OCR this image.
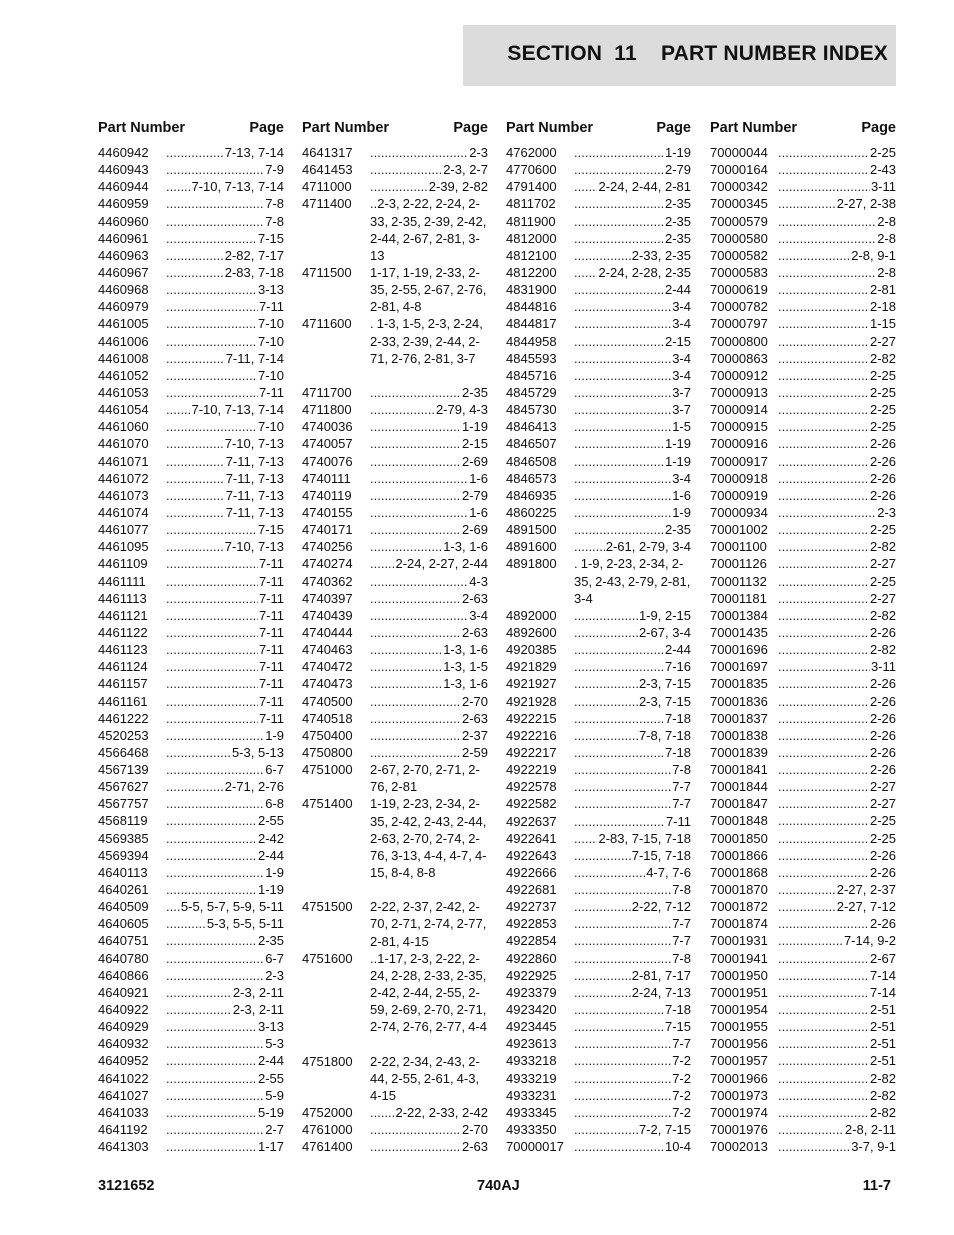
SECTION  11    PART NUMBER INDEX
Part Number	Page
4460942 .....	7-13, 7-14
4460943 .....	7-9
4460944 .....	7-10, 7-13, 7-14
4460959 .....	7-8
4460960 .....	7-8
4460961 .....	7-15
4460963 .....	2-82, 7-17
4460967 .....	2-83, 7-18
4460968 .....	3-13
4460979 .....	7-11
4461005 .....	7-10
4461006 .....	7-10
4461008 .....	7-11, 7-14
4461052 .....	7-10
4461053 .....	7-11
4461054 .....	7-10, 7-13, 7-14
4461060 .....	7-10
4461070 .....	7-10, 7-13
4461071 .....	7-11, 7-13
4461072 .....	7-11, 7-13
4461073 .....	7-11, 7-13
4461074 .....	7-11, 7-13
4461077 .....	7-15
4461095 .....	7-10, 7-13
4461109 .....	7-11
4461111 .....	7-11
4461113 .....	7-11
4461121 .....	7-11
4461122 .....	7-11
4461123 .....	7-11
4461124 .....	7-11
4461157 .....	7-11
4461161 .....	7-11
4461222 .....	7-11
4520253 .....	1-9
4566468 .....	5-3, 5-13
4567139 .....	6-7
4567627 .....	2-71, 2-76
4567757 .....	6-8
4568119 .....	2-55
4569385 .....	2-42
4569394 .....	2-44
4640113 .....	1-9
4640261 .....	1-19
4640509 .....	5-5, 5-7, 5-9, 5-11
4640605 .....	5-3, 5-5, 5-11
4640751 .....	2-35
4640780 .....	6-7
4640866 .....	2-3
4640921 .....	2-3, 2-11
4640922 .....	2-3, 2-11
4640929 .....	3-13
4640932 .....	5-3
4640952 .....	2-44
4641022 .....	2-55
4641027 .....	5-9
4641033 .....	5-19
4641192 .....	2-7
4641303 .....	1-17
Part Number	Page
4641317 .....	2-3
4641453 .....	2-3, 2-7
4711000 .....	2-39, 2-82
4711400	..2-3, 2-22, 2-24, 2-33, 2-35, 2-39, 2-42, 2-44, 2-67, 2-81, 3-13
4711500	1-17, 1-19, 2-33, 2-35, 2-55, 2-67, 2-76, 2-81, 4-8
4711600	. 1-3, 1-5, 2-3, 2-24, 2-33, 2-39, 2-44, 2-71, 2-76, 2-81, 3-7
4711700 .....	2-35
4711800 .....	2-79, 4-3
4740036 .....	1-19
4740057 .....	2-15
4740076 .....	2-69
4740111 .....	1-6
4740119 .....	2-79
4740155 .....	1-6
4740171 .....	2-69
4740256 .....	1-3, 1-6
4740274 .....	2-24, 2-27, 2-44
4740362 .....	4-3
4740397 .....	2-63
4740439 .....	3-4
4740444 .....	2-63
4740463 .....	1-3, 1-6
4740472 .....	1-3, 1-5
4740473 .....	1-3, 1-6
4740500 .....	2-70
4740518 .....	2-63
4750400 .....	2-37
4750800 .....	2-59
4751000	2-67, 2-70, 2-71, 2-76, 2-81
4751400	1-19, 2-23, 2-34, 2-35, 2-42, 2-43, 2-44, 2-63, 2-70, 2-74, 2-76, 3-13, 4-4, 4-7, 4-15, 8-4, 8-8
4751500	2-22, 2-37, 2-42, 2-70, 2-71, 2-74, 2-77, 2-81, 4-15
4751600	..1-17, 2-3, 2-22, 2-24, 2-28, 2-33, 2-35, 2-42, 2-44, 2-55, 2-59, 2-69, 2-70, 2-71, 2-74, 2-76, 2-77, 4-4
4751800	2-22, 2-34, 2-43, 2-44, 2-55, 2-61, 4-3, 4-15
4752000 .....	2-22, 2-33, 2-42
4761000 .....	2-70
4761400 .....	2-63
Part Number	Page
4762000 .....	1-19
4770600 .....	2-79
4791400 .....	2-24, 2-44, 2-81
4811702 .....	2-35
4811900 .....	2-35
4812000 .....	2-35
4812100 .....	2-33, 2-35
4812200 .....	2-24, 2-28, 2-35
4831900 .....	2-44
4844816 .....	3-4
4844817 .....	3-4
4844958 .....	2-15
4845593 .....	3-4
4845716 .....	3-4
4845729 .....	3-7
4845730 .....	3-7
4846413 .....	1-5
4846507 .....	1-19
4846508 .....	1-19
4846573 .....	3-4
4846935 .....	1-6
4860225 .....	1-9
4891500 .....	2-35
4891600 .....	2-61, 2-79, 3-4
4891800	. 1-9, 2-23, 2-34, 2-35, 2-43, 2-79, 2-81, 3-4
4892000 .....	1-9, 2-15
4892600 .....	2-67, 3-4
4920385 .....	2-44
4921829 .....	7-16
4921927 .....	2-3, 7-15
4921928 .....	2-3, 7-15
4922215 .....	7-18
4922216 .....	7-8, 7-18
4922217 .....	7-18
4922219 .....	7-8
4922578 .....	7-7
4922582 .....	7-7
4922637 .....	7-11
4922641 .....	2-83, 7-15, 7-18
4922643 .....	7-15, 7-18
4922666 .....	4-7, 7-6
4922681 .....	7-8
4922737 .....	2-22, 7-12
4922853 .....	7-7
4922854 .....	7-7
4922860 .....	7-8
4922925 .....	2-81, 7-17
4923379 .....	2-24, 7-13
4923420 .....	7-18
4923445 .....	7-15
4923613 .....	7-7
4933218 .....	7-2
4933219 .....	7-2
4933231 .....	7-2
4933345 .....	7-2
4933350 .....	7-2, 7-15
70000017 .....	10-4
Part Number	Page
70000044 .....	2-25
70000164 .....	2-43
70000342 .....	3-11
70000345 .....	2-27, 2-38
70000579 .....	2-8
70000580 .....	2-8
70000582 .....	2-8, 9-1
70000583 .....	2-8
70000619 .....	2-81
70000782 .....	2-18
70000797 .....	1-15
70000800 .....	2-27
70000863 .....	2-82
70000912 .....	2-25
70000913 .....	2-25
70000914 .....	2-25
70000915 .....	2-25
70000916 .....	2-26
70000917 .....	2-26
70000918 .....	2-26
70000919 .....	2-26
70000934 .....	2-3
70001002 .....	2-25
70001100 .....	2-82
70001126 .....	2-27
70001132 .....	2-25
70001181 .....	2-27
70001384 .....	2-82
70001435 .....	2-26
70001696 .....	2-82
70001697 .....	3-11
70001835 .....	2-26
70001836 .....	2-26
70001837 .....	2-26
70001838 .....	2-26
70001839 .....	2-26
70001841 .....	2-26
70001844 .....	2-27
70001847 .....	2-27
70001848 .....	2-25
70001850 .....	2-25
70001866 .....	2-26
70001868 .....	2-26
70001870 .....	2-27, 2-37
70001872 .....	2-27, 7-12
70001874 .....	2-26
70001931 .....	7-14, 9-2
70001941 .....	2-67
70001950 .....	7-14
70001951 .....	7-14
70001954 .....	2-51
70001955 .....	2-51
70001956 .....	2-51
70001957 .....	2-51
70001966 .....	2-82
70001973 .....	2-82
70001974 .....	2-82
70001976 .....	2-8, 2-11
70002013 .....	3-7, 9-1
3121652	740AJ	11-7
